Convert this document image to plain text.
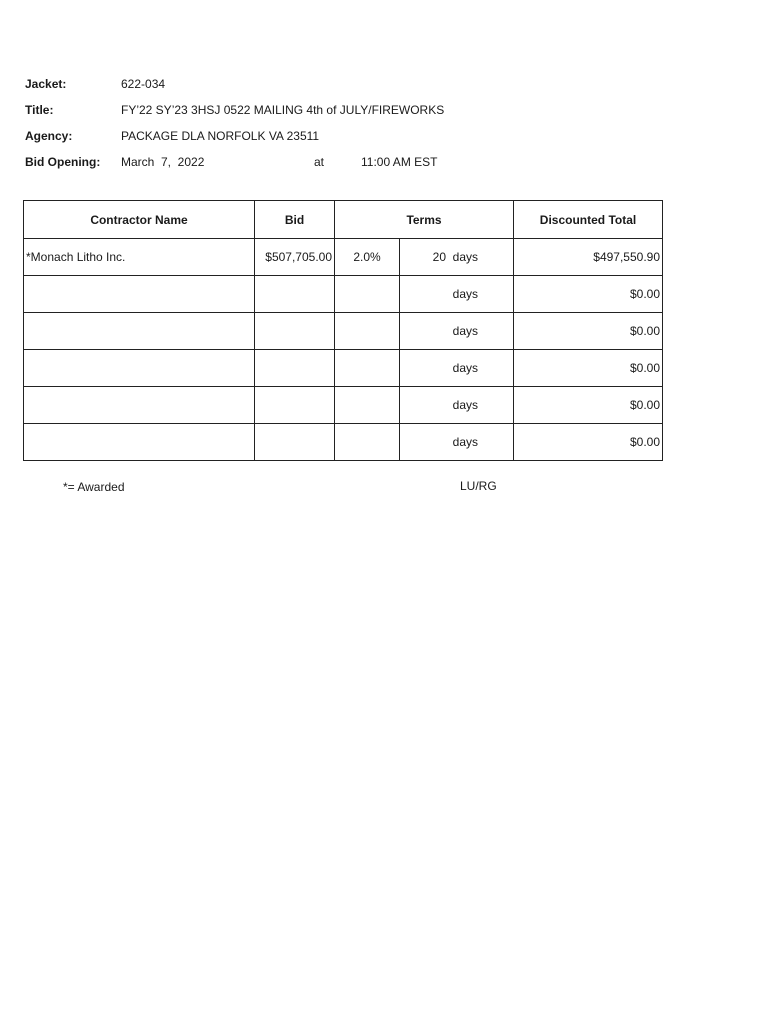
Jacket:	622-034
Title:	FY’22 SY’23 3HSJ 0522 MAILING 4th of JULY/FIREWORKS
Agency:	PACKAGE DLA NORFOLK VA 23511
Bid Opening: March  7,  2022	at	11:00 AM EST
Contractor Name	Bid	Terms		Discounted Total
*Monach Litho Inc.	$507,705.00	2.0%	20  days	$497,550.90
			days	$0.00
			days	$0.00
			days	$0.00
			days	$0.00
			days	$0.00
*= Awarded	LU/RG
